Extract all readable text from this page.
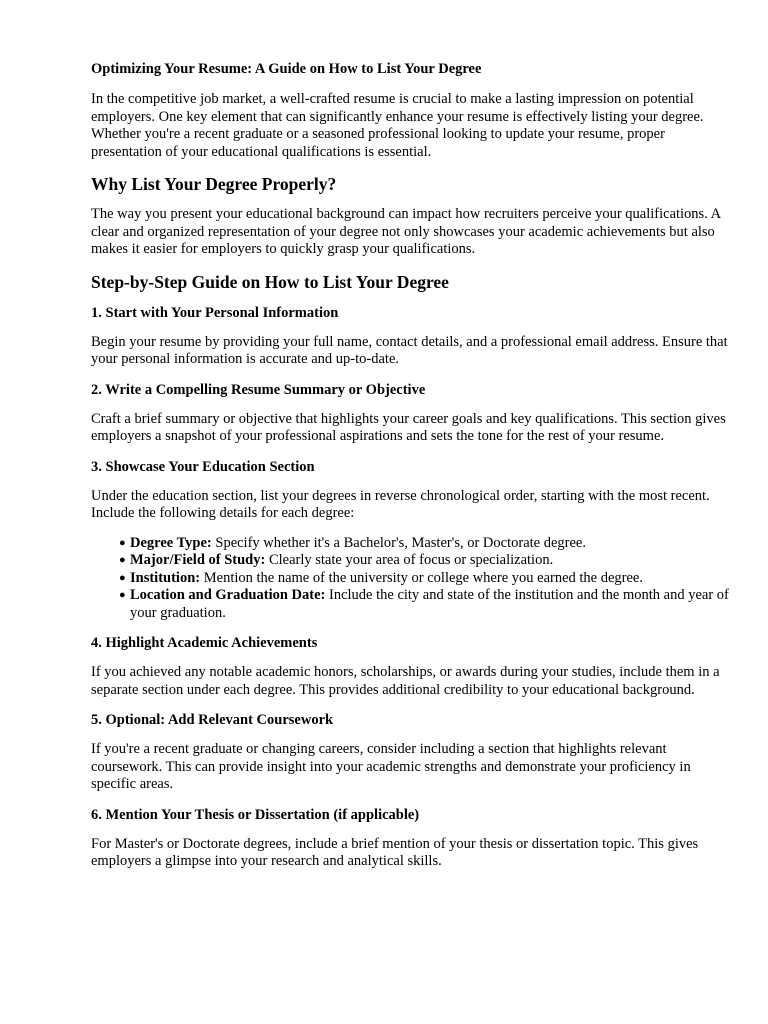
Optimizing Your Resume: A Guide on How to List Your Degree

In the competitive job market, a well-crafted resume is crucial to make a lasting impression on potential employers. One key element that can significantly enhance your resume is effectively listing your degree. Whether you're a recent graduate or a seasoned professional looking to update your resume, proper presentation of your educational qualifications is essential.

Why List Your Degree Properly?

The way you present your educational background can impact how recruiters perceive your qualifications. A clear and organized representation of your degree not only showcases your academic achievements but also makes it easier for employers to quickly grasp your qualifications.

Step-by-Step Guide on How to List Your Degree
1. Start with Your Personal Information

Begin your resume by providing your full name, contact details, and a professional email address. Ensure that your personal information is accurate and up-to-date.

2. Write a Compelling Resume Summary or Objective

Craft a brief summary or objective that highlights your career goals and key qualifications. This section gives employers a snapshot of your professional aspirations and sets the tone for the rest of your resume.

3. Showcase Your Education Section

Under the education section, list your degrees in reverse chronological order, starting with the most recent. Include the following details for each degree:

● Degree Type: Specify whether it's a Bachelor's, Master's, or Doctorate degree.
● Major/Field of Study: Clearly state your area of focus or specialization.
● Institution: Mention the name of the university or college where you earned the degree.
● Location and Graduation Date: Include the city and state of the institution and the month and year of your graduation.
4. Highlight Academic Achievements

If you achieved any notable academic honors, scholarships, or awards during your studies, include them in a separate section under each degree. This provides additional credibility to your educational background.

5. Optional: Add Relevant Coursework

If you're a recent graduate or changing careers, consider including a section that highlights relevant coursework. This can provide insight into your academic strengths and demonstrate your proficiency in specific areas.

6. Mention Your Thesis or Dissertation (if applicable)

For Master's or Doctorate degrees, include a brief mention of your thesis or dissertation topic. This gives employers a glimpse into your research and analytical skills.
